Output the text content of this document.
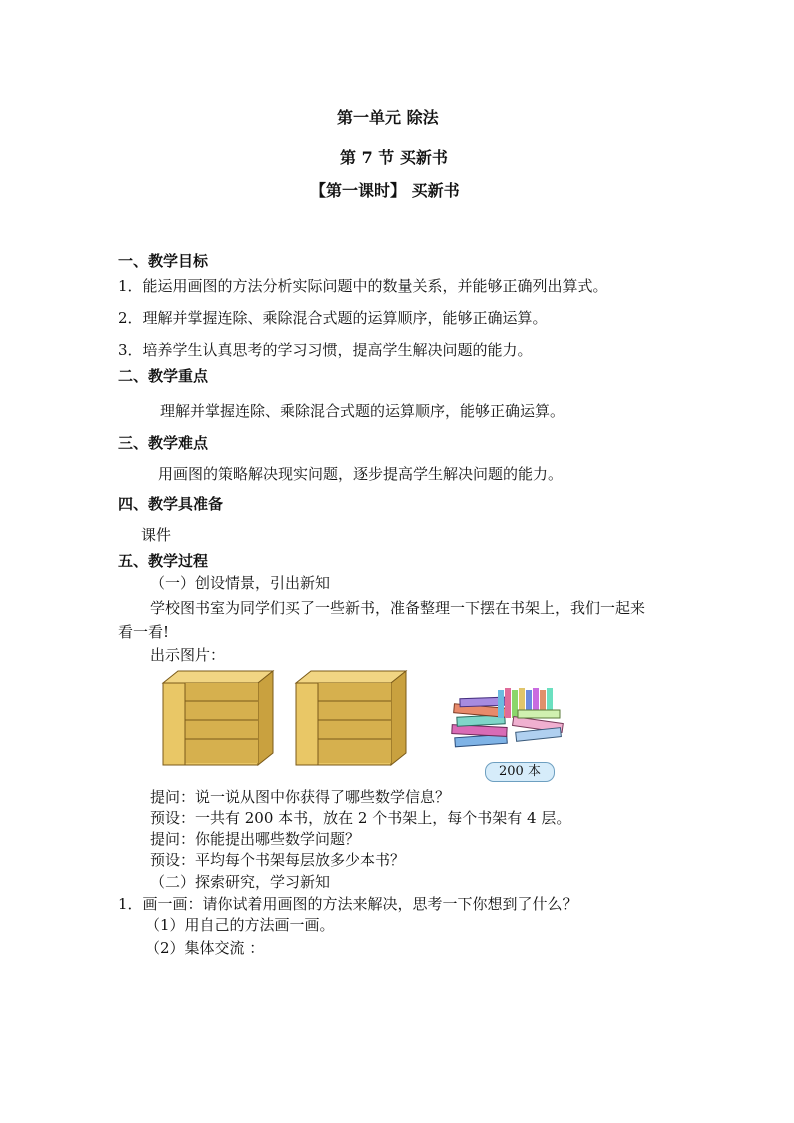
第一单元 除法
第 7 节 买新书
【第一课时】 买新书
一、教学目标
1．能运用画图的方法分析实际问题中的数量关系，并能够正确列出算式。
2．理解并掌握连除、乘除混合式题的运算顺序，能够正确运算。
3．培养学生认真思考的学习习惯，提高学生解决问题的能力。
二、教学重点
理解并掌握连除、乘除混合式题的运算顺序，能够正确运算。
三、教学难点
用画图的策略解决现实问题，逐步提高学生解决问题的能力。
四、教学具准备
课件
五、教学过程
（一）创设情景，引出新知
学校图书室为同学们买了一些新书，准备整理一下摆在书架上，我们一起来
看一看!
出示图片：
200 本
提问：说一说从图中你获得了哪些数学信息？
预设：一共有 200 本书，放在 2 个书架上，每个书架有 4 层。
提问：你能提出哪些数学问题？
预设：平均每个书架每层放多少本书？
（二）探索研究，学习新知
1．画一画：请你试着用画图的方法来解决，思考一下你想到了什么？
（1）用自己的方法画一画。
（2）集体交流 ：
